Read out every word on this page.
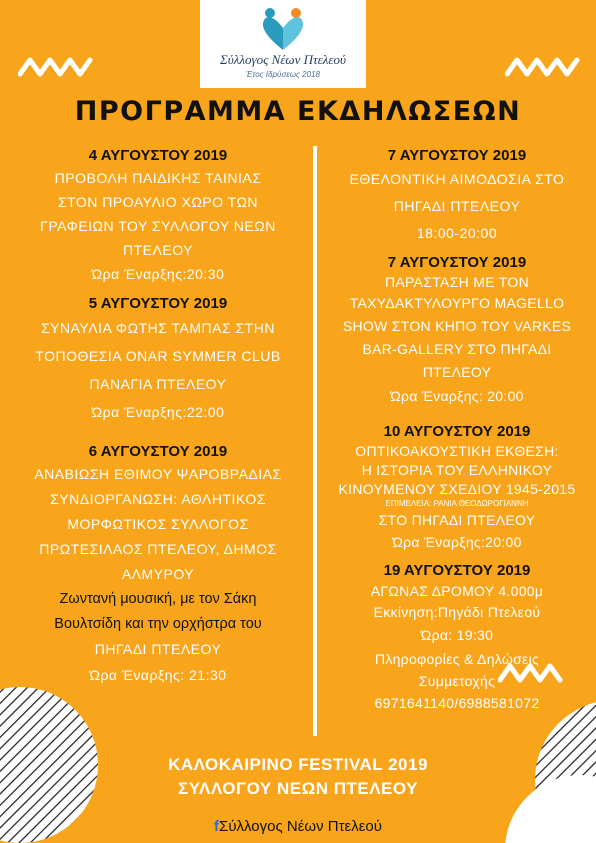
Σύλλογος Νέων Πτελεού
Έτος Ιδρύσεως 2018
ΠΡΟΓΡΑΜΜΑ ΕΚΔΗΛΩΣΕΩΝ
4 ΑΥΓΟΥΣΤΟΥ 2019
ΠΡΟΒΟΛΗ ΠΑΙΔΙΚΗΣ ΤΑΙΝΙΑΣ
ΣΤΟΝ ΠΡΟΑΥΛΙΟ ΧΩΡΟ ΤΩΝ
ΓΡΑΦΕΙΩΝ ΤΟΥ ΣΥΛΛΟΓΟΥ ΝΕΩΝ
ΠΤΕΛΕΟΥ
Ώρα Έναρξης:20:30
5 ΑΥΓΟΥΣΤΟΥ 2019
ΣΥΝΑΥΛΙΑ ΦΩΤΗΣ ΤΑΜΠΑΣ ΣΤΗΝ
ΤΟΠΟΘΕΣΙΑ ONAR SYMMER CLUB
ΠΑΝΑΓΙΑ ΠΤΕΛΕΟΥ
Ώρα Έναρξης:22:00
6 ΑΥΓΟΥΣΤΟΥ 2019
ΑΝΑΒΙΩΣΗ ΕΘΙΜΟΥ ΨΑΡΟΒΡΑΔΙΑΣ
ΣΥΝΔΙΟΡΓΑΝΩΣΗ: ΑΘΛΗΤΙΚΟΣ
ΜΟΡΦΩΤΙΚΟΣ ΣΥΛΛΟΓΟΣ
ΠΡΩΤΕΣΙΛΑΟΣ ΠΤΕΛΕΟΥ, ΔΗΜΟΣ
ΑΛΜΥΡΟΥ
Ζωντανή μουσική, με τον Σάκη
Βουλτσίδη και την ορχήστρα του
ΠΗΓΑΔΙ ΠΤΕΛΕΟΥ
Ώρα Έναρξης: 21:30
7 ΑΥΓΟΥΣΤΟΥ 2019
ΕΘΕΛΟΝΤΙΚΗ ΑΙΜΟΔΟΣΙΑ ΣΤΟ
ΠΗΓΑΔΙ ΠΤΕΛΕΟΥ
18:00-20:00
7 ΑΥΓΟΥΣΤΟΥ 2019
ΠΑΡΑΣΤΑΣΗ ΜΕ ΤΟΝ
ΤΑΧΥΔΑΚΤΥΛΟΥΡΓΟ MAGELLO
SHOW ΣΤΟΝ ΚΗΠΟ ΤΟΥ VARKES
BAR-GALLERY ΣΤΟ ΠΗΓΑΔΙ
ΠΤΕΛΕΟΥ
Ώρα Έναρξης: 20:00
10 ΑΥΓΟΥΣΤΟΥ 2019
ΟΠΤΙΚΟΑΚΟΥΣΤΙΚΗ ΕΚΘΕΣΗ:
Η ΙΣΤΟΡΙΑ ΤΟΥ ΕΛΛΗΝΙΚΟΥ
ΚΙΝΟΥΜΕΝΟΥ ΣΧΕΔΙΟΥ 1945-2015
ΕΠΙΜΕΛΕΙΑ: ΡΑΝΙΑ ΘΕΟΔΩΡΟΓΙΑΝΝΗ
ΣΤΟ ΠΗΓΑΔΙ ΠΤΕΛΕΟΥ
Ώρα Έναρξης:20:00
19 ΑΥΓΟΥΣΤΟΥ 2019
ΑΓΩΝΑΣ ΔΡΟΜΟΥ 4.000μ
Εκκίνηση:Πηγάδι Πτελεού
Ώρα: 19:30
Πληροφορίες & Δηλώσεις
Συμμετοχής
6971641140/6988581072
ΚΑΛΟΚΑΙΡΙΝΟ FESTIVAL 2019
ΣΥΛΛΟΓΟΥ ΝΕΩΝ ΠΤΕΛΕΟΥ
fΣύλλογος Νέων Πτελεού
